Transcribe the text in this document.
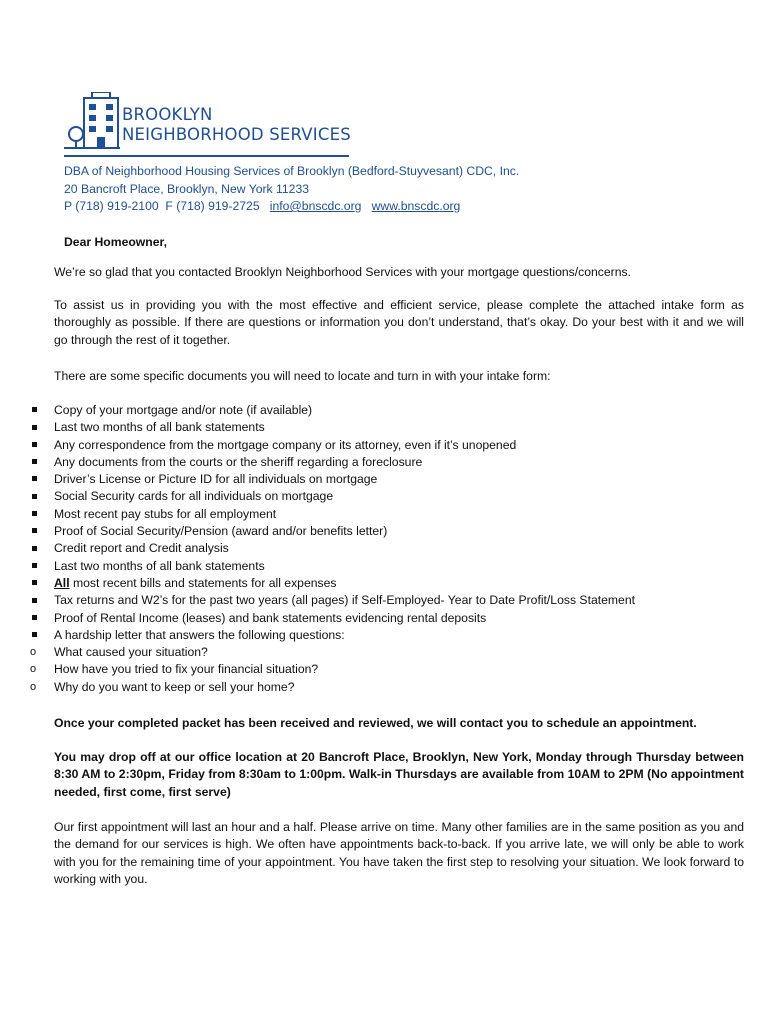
BROOKLYN
NEIGHBORHOOD SERVICES
DBA of Neighborhood Housing Services of Brooklyn (Bedford-Stuyvesant) CDC, Inc.
20 Bancroft Place, Brooklyn, New York 11233
P (718) 919-2100 F (718) 919-2725 info@bnscdc.org www.bnscdc.org
Dear Homeowner,
We’re so glad that you contacted Brooklyn Neighborhood Services with your mortgage questions/concerns.
To assist us in providing you with the most effective and efficient service, please complete the attached intake form as thoroughly as possible. If there are questions or information you don’t understand, that’s okay. Do your best with it and we will go through the rest of it together.
There are some specific documents you will need to locate and turn in with your intake form:
Copy of your mortgage and/or note (if available)
Last two months of all bank statements
Any correspondence from the mortgage company or its attorney, even if it’s unopened
Any documents from the courts or the sheriff regarding a foreclosure
Driver’s License or Picture ID for all individuals on mortgage
Social Security cards for all individuals on mortgage
Most recent pay stubs for all employment
Proof of Social Security/Pension (award and/or benefits letter)
Credit report and Credit analysis
Last two months of all bank statements
All most recent bills and statements for all expenses
Tax returns and W2’s for the past two years (all pages) if Self-Employed- Year to Date Profit/Loss Statement
Proof of Rental Income (leases) and bank statements evidencing rental deposits
A hardship letter that answers the following questions:
o	What caused your situation?
o	How have you tried to fix your financial situation?
o	Why do you want to keep or sell your home?
Once your completed packet has been received and reviewed, we will contact you to schedule an appointment.
You may drop off at our office location at 20 Bancroft Place, Brooklyn, New York, Monday through Thursday between 8:30 AM to 2:30pm, Friday from 8:30am to 1:00pm. Walk-in Thursdays are available from 10AM to 2PM (No appointment needed, first come, first serve)
Our first appointment will last an hour and a half. Please arrive on time. Many other families are in the same position as you and the demand for our services is high. We often have appointments back-to-back. If you arrive late, we will only be able to work with you for the remaining time of your appointment. You have taken the first step to resolving your situation. We look forward to working with you.
